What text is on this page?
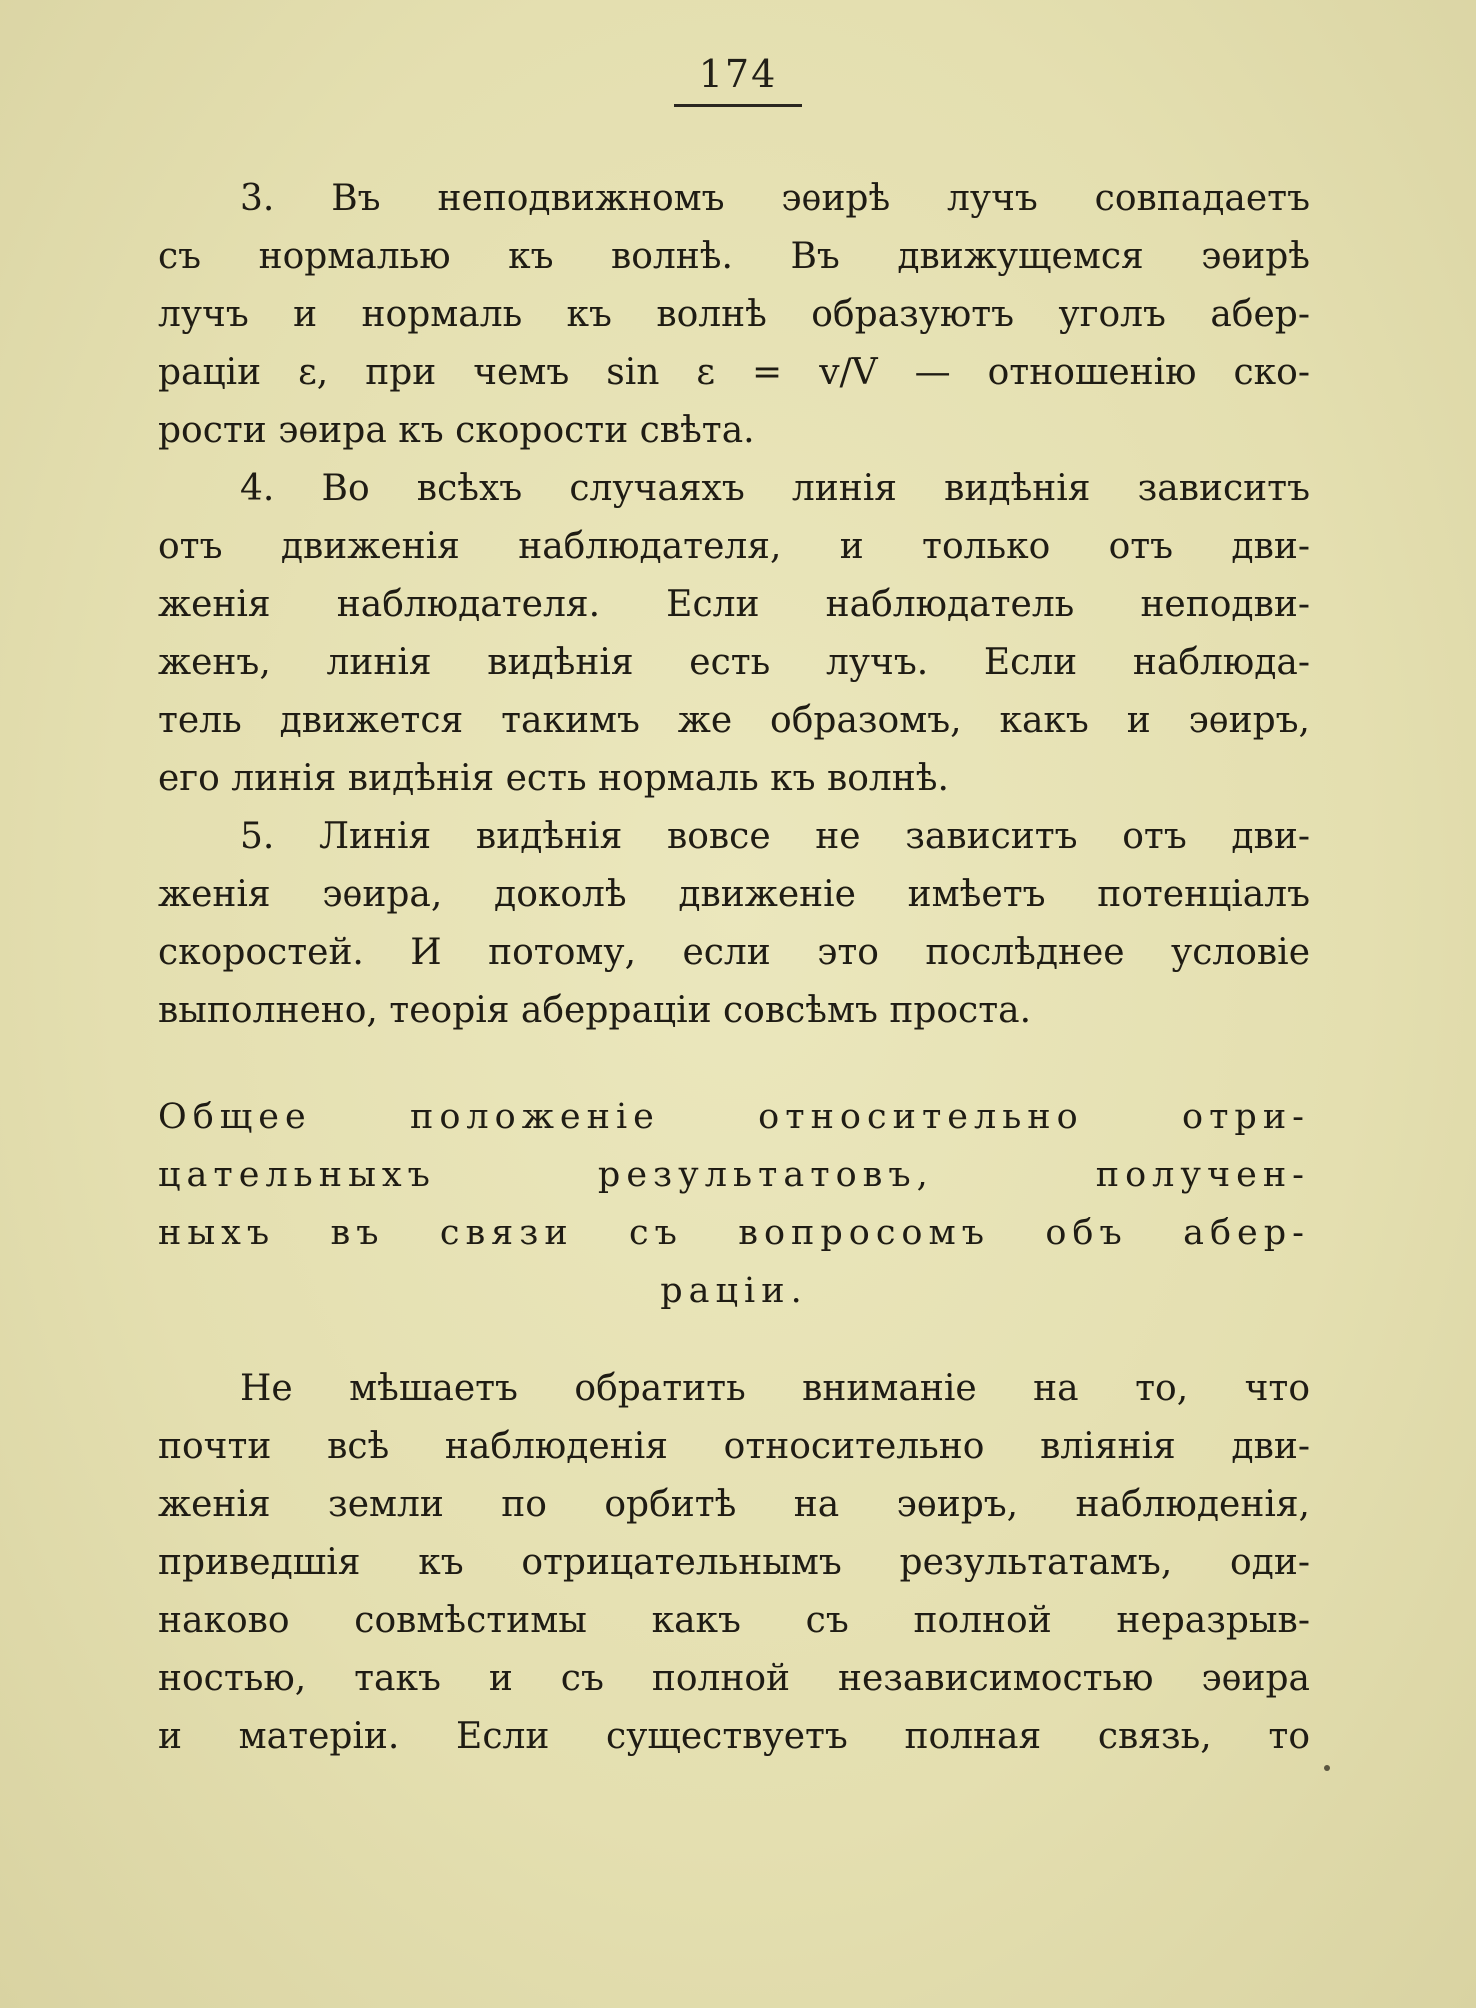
174
3. Въ неподвижномъ эѳирѣ лучъ совпадаетъ
съ нормалью къ волнѣ. Въ движущемся эѳирѣ
лучъ и нормаль къ волнѣ образуютъ уголъ абер-
раціи ε, при чемъ sin ε = v/V — отношенію ско-
рости эѳира къ скорости свѣта.
4. Во всѣхъ случаяхъ линія видѣнія зависитъ
отъ движенія наблюдателя, и только отъ дви-
женія наблюдателя. Если наблюдатель неподви-
женъ, линія видѣнія есть лучъ. Если наблюда-
тель движется такимъ же образомъ, какъ и эѳиръ,
его линія видѣнія есть нормаль къ волнѣ.
5. Линія видѣнія вовсе не зависитъ отъ дви-
женія эѳира, доколѣ движеніе имѣетъ потенціалъ
скоростей. И потому, если это послѣднее условіе
выполнено, теорія аберраціи совсѣмъ проста.
Общее положеніе относительно отри-
цательныхъ результатовъ, получен-
ныхъ въ связи съ вопросомъ объ абер-
раціи.
Не мѣшаетъ обратить вниманіе на то, что
почти всѣ наблюденія относительно вліянія дви-
женія земли по орбитѣ на эѳиръ, наблюденія,
приведшія къ отрицательнымъ результатамъ, оди-
наково совмѣстимы какъ съ полной неразрыв-
ностью, такъ и съ полной независимостью эѳира
и матеріи. Если существуетъ полная связь, то
